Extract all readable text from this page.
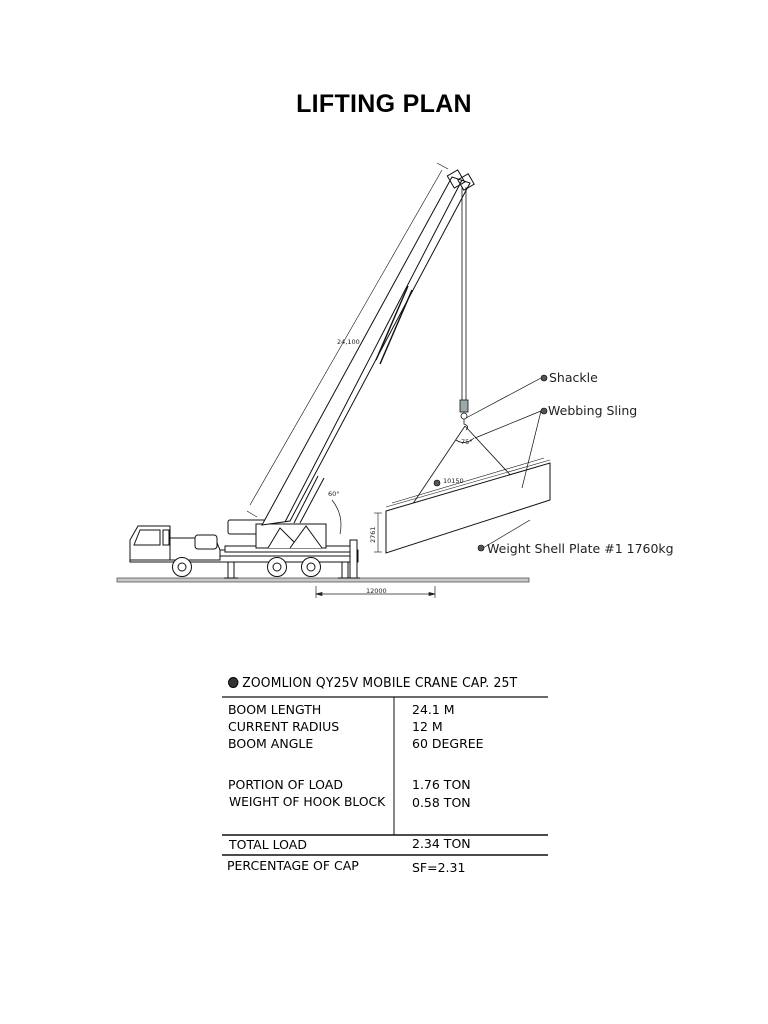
LIFTING PLAN
12000
60°
24,100
75°
10150
2761
Shackle
Webbing Sling
Weight Shell Plate #1 1760kg
ZOOMLION QY25V MOBILE CRANE CAP. 25T
BOOM LENGTH	24.1 M
CURRENT RADIUS	12 M
BOOM ANGLE	60 DEGREE
PORTION OF LOAD	1.76 TON
WEIGHT OF HOOK BLOCK 0.58 TON
TOTAL LOAD	2.34 TON
PERCENTAGE OF CAP	SF=2.31
